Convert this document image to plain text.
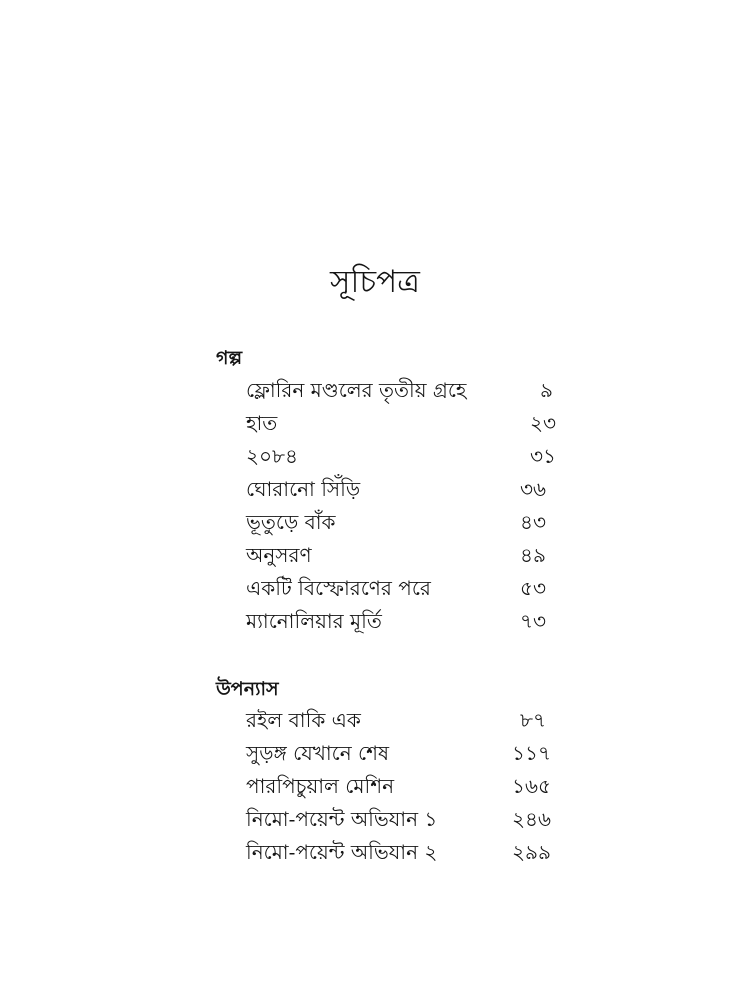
সূচিপত্র
গল্প
ফ্লোরিন মণ্ডলের তৃতীয় গ্রহে	৯
হাত	২৩
২০৮৪	৩১
ঘোরানো সিঁড়ি	৩৬
ভূতুড়ে বাঁক	৪৩
অনুসরণ	৪৯
একটি বিস্ফোরণের পরে	৫৩
ম্যানোলিয়ার মূর্তি	৭৩
উপন্যাস
রইল বাকি এক	৮৭
সুড়ঙ্গ যেখানে শেষ	১১৭
পারপিচুয়াল মেশিন	১৬৫
নিমো-পয়েন্ট অভিযান ১	২৪৬
নিমো-পয়েন্ট অভিযান ২	২৯৯
